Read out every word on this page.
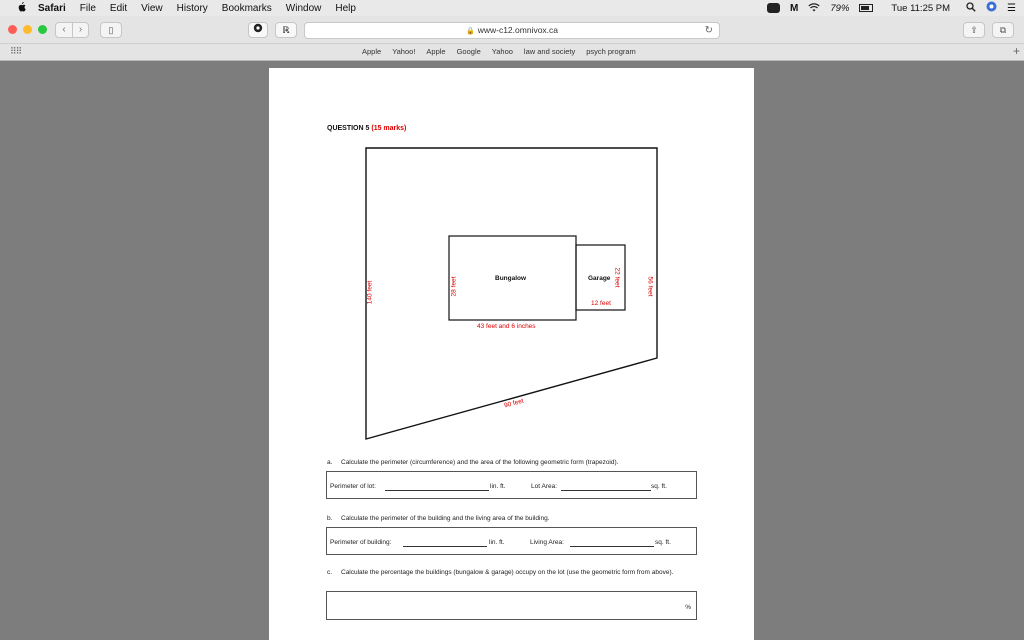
Safari File Edit View History Bookmarks Window Help	M	79%	Tue 11:25 PM	☰
‹	›	▯	ℝ	🔒 www-c12.omnivox.ca	↻	⇪	⧉
⠿⠿	Apple Yahoo! Apple Google Yahoo law and society psych program	+
QUESTION 5 (15 marks)
Bungalow	Garage
140 feet	56 feet
90 feet
28 feet
43 feet and 6 inches
22 feet
12 feet
a. Calculate the perimeter (circumference) and the area of the following geometric form (trapezoid).
Perimeter of lot:	lin. ft.	Lot Area:	sq. ft.
b. Calculate the perimeter of the building and the living area of the building.
Perimeter of building:	lin. ft.	Living Area:	sq. ft.
c.	Calculate the percentage the buildings (bungalow & garage) occupy on the lot (use the geometric form from above).
%
